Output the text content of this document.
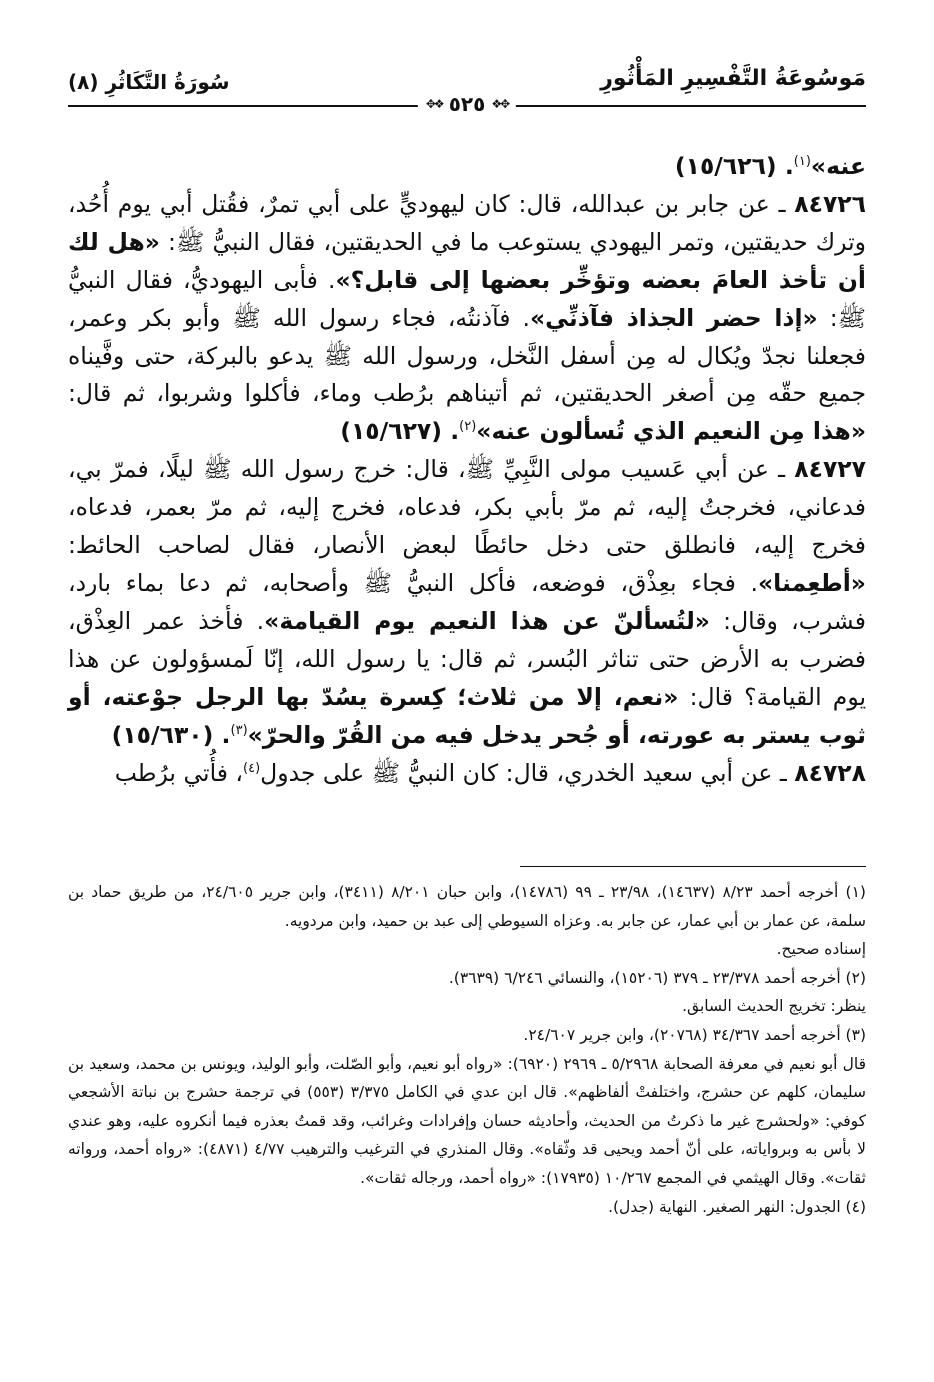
سُورَةُ التَّكَاثُرِ (٨)	مَوسُوعَةُ التَّفْسِيرِ المَأْثُورِ
✥❖ ٥٢٥ ❖✥

عنه»$^{(١)}$. (١٥/٦٢٦)

٨٤٧٢٦ ـ عن جابر بن عبدالله، قال: كان ليهوديٍّ على أبي تمرٌ، فقُتل أبي يوم أُحُد، وترك حديقتين، وتمر اليهودي يستوعب ما في الحديقتين، فقال النبيُّ ﷺ: «هل لك أن تأخذ العامَ بعضه وتؤخِّر بعضها إلى قابل؟». فأبى اليهوديُّ، فقال النبيُّ ﷺ: «إذا حضر الجذاذ فآذنِّي». فآذنتُه، فجاء رسول الله ﷺ وأبو بكر وعمر، فجعلنا نجدّ ويُكال له مِن أسفل النَّخل، ورسول الله ﷺ يدعو بالبركة، حتى وفَّيناه جميع حقّه مِن أصغر الحديقتين، ثم أتيناهم برُطب وماء، فأكلوا وشربوا، ثم قال: «هذا مِن النعيم الذي تُسألون عنه»$^{(٢)}$. (١٥/٦٢٧)

٨٤٧٢٧ ـ عن أبي عَسيب مولى النَّبِيِّ ﷺ، قال: خرج رسول الله ﷺ ليلًا، فمرّ بي، فدعاني، فخرجتُ إليه، ثم مرّ بأبي بكر، فدعاه، فخرج إليه، ثم مرّ بعمر، فدعاه، فخرج إليه، فانطلق حتى دخل حائطًا لبعض الأنصار، فقال لصاحب الحائط: «أطعِمنا». فجاء بعِذْق، فوضعه، فأكل النبيُّ ﷺ وأصحابه، ثم دعا بماء بارد، فشرب، وقال: «لتُسألنّ عن هذا النعيم يوم القيامة». فأخذ عمر العِذْق، فضرب به الأرض حتى تناثر البُسر، ثم قال: يا رسول الله، إنّا لَمسؤولون عن هذا يوم القيامة؟ قال: «نعم، إلا من ثلاث؛ كِسرة يسُدّ بها الرجل جوْعته، أو ثوب يستر به عورته، أو جُحر يدخل فيه من القُرّ والحرّ»$^{(٣)}$. (١٥/٦٣٠)

٨٤٧٢٨ ـ عن أبي سعيد الخدري، قال: كان النبيُّ ﷺ على جدول$^{(٤)}$، فأُتي برُطب

(١) أخرجه أحمد ٨/٢٣ (١٤٦٣٧)، ٢٣/٩٨ ـ ٩٩ (١٤٧٨٦)، وابن حبان ٨/٢٠١ (٣٤١١)، وابن جرير ٢٤/٦٠٥، من طريق حماد بن سلمة، عن عمار بن أبي عمار، عن جابر به. وعزاه السيوطي إلى عبد بن حميد، وابن مردويه.

إسناده صحيح.

(٢) أخرجه أحمد ٢٣/٣٧٨ ـ ٣٧٩ (١٥٢٠٦)، والنسائي ٦/٢٤٦ (٣٦٣٩).

ينظر: تخريج الحديث السابق.

(٣) أخرجه أحمد ٣٤/٣٦٧ (٢٠٧٦٨)، وابن جرير ٢٤/٦٠٧.

قال أبو نعيم في معرفة الصحابة ٥/٢٩٦٨ ـ ٢٩٦٩ (٦٩٢٠): «رواه أبو نعيم، وأبو الصّلت، وأبو الوليد، ويونس بن محمد، وسعيد بن سليمان، كلهم عن حشرج، واختلفتْ ألفاظهم». قال ابن عدي في الكامل ٣/٣٧٥ (٥٥٣) في ترجمة حشرج بن نباتة الأشجعي كوفي: «ولحشرج غير ما ذكرتُ من الحديث، وأحاديثه حسان وإفرادات وغرائب، وقد قمتُ بعذره فيما أنكروه عليه، وهو عندي لا بأس به وبرواياته، على أنّ أحمد ويحيى قد وثّقاه». وقال المنذري في الترغيب والترهيب ٤/٧٧ (٤٨٧١): «رواه أحمد، ورواته ثقات». وقال الهيثمي في المجمع ١٠/٢٦٧ (١٧٩٣٥): «رواه أحمد، ورجاله ثقات».

(٤) الجدول: النهر الصغير. النهاية (جدل).
